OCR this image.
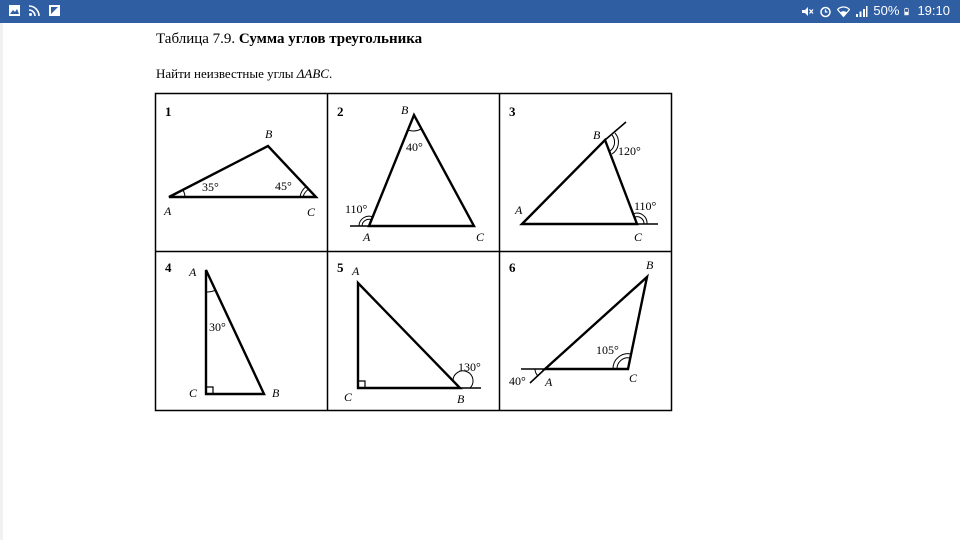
50% 19:10
Таблица 7.9. Сумма углов треугольника
Найти неизвестные углы ΔABC.
1
A
B
C
35°	45°
2
A
B
C
40°
110°
3
A
B
C
120°
110°
4 A
B
C
30°
5 A
B
C
130°
6
A
B
C
105°
40°
